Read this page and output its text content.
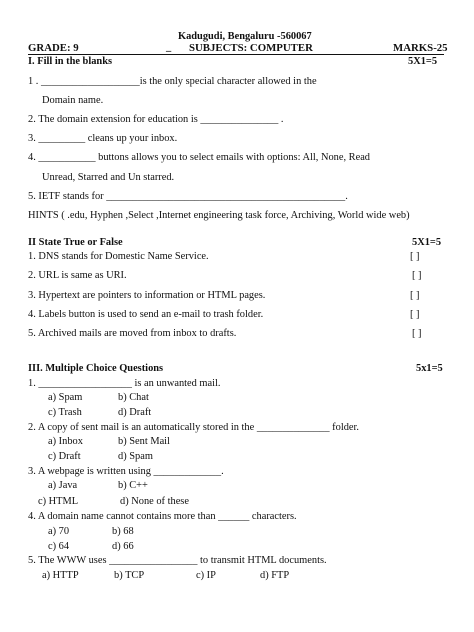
Kadugudi, Bengaluru -560067
GRADE: 9	_ SUBJECTS: COMPUTER	MARKS-25
I. Fill in the blanks	5X1=5
1 . ___________________is the only special character allowed in the
Domain name.
2. The domain extension for education is _______________ .
3. _________ cleans up your inbox.
4. ___________ buttons allows you to select emails with options: All, None, Read
Unread, Starred and Un starred.
5. IETF stands for ______________________________________________.
HINTS ( .edu, Hyphen ,Select ,Internet engineering task force, Archiving, World wide web)
II State True or False	5X1=5
1. DNS stands for Domestic Name Service.	[ ]
2. URL is same as URI.	[ ]
3. Hypertext are pointers to information or HTML pages.	[ ]
4. Labels button is used to send an e-mail to trash folder.	[ ]
5. Archived mails are moved from inbox to drafts.	[ ]
III. Multiple Choice Questions	5x1=5
1. __________________ is an unwanted mail.
a) Spam	b) Chat
c) Trash	d) Draft
2. A copy of sent mail is an automatically stored in the ______________ folder.
a) Inbox	b) Sent Mail
c) Draft	d) Spam
3. A webpage is written using _____________.
a) Java	b) C++
c) HTML	d) None of these
4. A domain name cannot contains more than ______ characters.
a) 70	b) 68
c) 64	d) 66
5. The WWW uses _________________ to transmit HTML documents.
a) HTTP	b) TCP	c) IP	d) FTP
